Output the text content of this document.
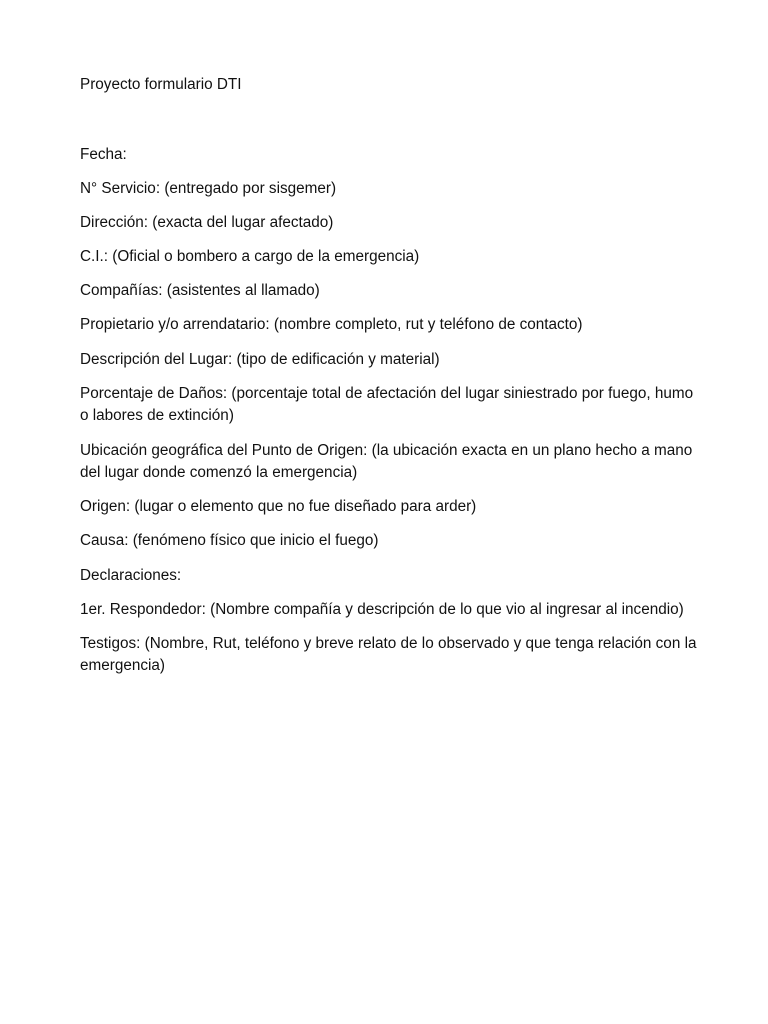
Proyecto formulario DTI
Fecha:
N° Servicio: (entregado por sisgemer)
Dirección: (exacta del lugar afectado)
C.I.: (Oficial o bombero a cargo de la emergencia)
Compañías: (asistentes al llamado)
Propietario y/o arrendatario: (nombre completo, rut y teléfono de contacto)
Descripción del Lugar: (tipo de edificación y material)
Porcentaje de Daños: (porcentaje total de afectación del lugar siniestrado por fuego, humo o labores de extinción)
Ubicación geográfica del Punto de Origen: (la ubicación exacta en un plano hecho a mano del lugar donde comenzó la emergencia)
Origen: (lugar o elemento que no fue diseñado para arder)
Causa: (fenómeno físico que inicio el fuego)
Declaraciones:
1er. Respondedor: (Nombre compañía y descripción de lo que vio al ingresar al incendio)
Testigos: (Nombre, Rut, teléfono y breve relato de lo observado y que tenga relación con la emergencia)
